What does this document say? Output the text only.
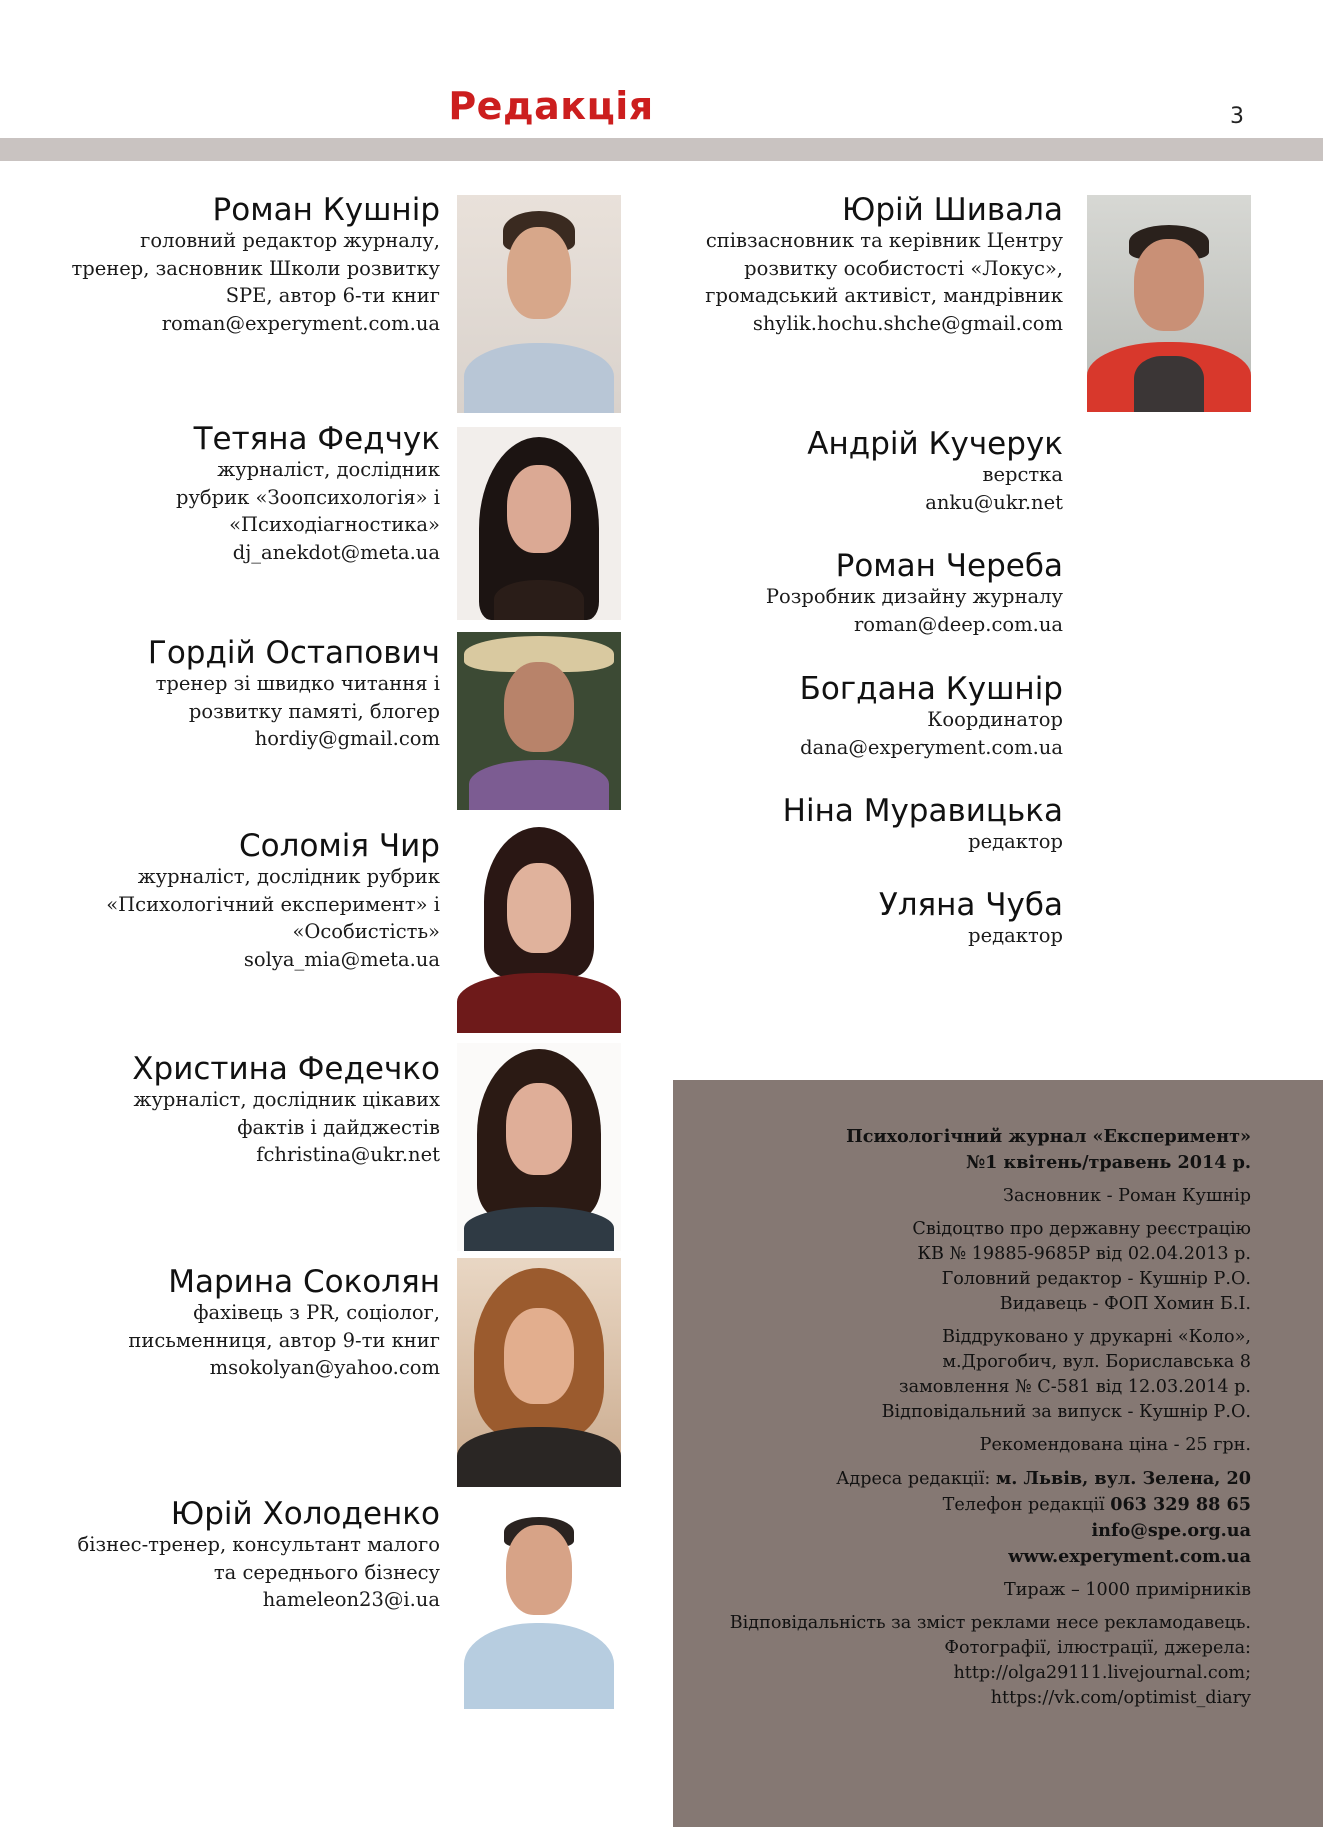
Редакція	3
Роман Кушнір
головний редактор журналу,
тренер, засновник Школи розвитку
SPE, автор 6-ти книг
roman@experyment.com.ua
Тетяна Федчук
журналіст, дослідник
рубрик «Зоопсихологія» і
«Психодіагностика»
dj_anekdot@meta.ua
Гордій Остапович
тренер зі швидко читання і
розвитку памяті, блогер
hordiy@gmail.com
Соломія Чир
журналіст, дослідник рубрик
«Психологічний експеримент» і
«Особистість»
solya_mia@meta.ua
Христина Федечко
журналіст, дослідник цікавих
фактів і дайджестів
fchristina@ukr.net
Марина Соколян
фахівець з PR, соціолог,
письменниця, автор 9-ти книг
msokolyan@yahoo.com
Юрій Холоденко
бізнес-тренер, консультант малого
та середнього бізнесу
hameleon23@i.ua
Юрій Шивала
співзасновник та керівник Центру
розвитку особистості «Локус»,
громадський активіст, мандрівник
shylik.hochu.shche@gmail.com
Андрій Кучерук
верстка
anku@ukr.net
Роман Череба
Розробник дизайну журналу
roman@deep.com.ua
Богдана Кушнір
Координатор
dana@experyment.com.ua
Ніна Муравицька
редактор
Уляна Чуба
редактор
Психологічний журнал «Експеримент»
№1 квітень/травень 2014 р.
Засновник - Роман Кушнір
Свідоцтво про державну реєстрацію
КВ № 19885-9685Р від 02.04.2013 р.
Головний редактор - Кушнір Р.О.
Видавець - ФОП Хомин Б.І.
Віддруковано у друкарні «Коло»,
м.Дрогобич, вул. Бориславська 8
замовлення № С-581 від 12.03.2014 р.
Відповідальний за випуск - Кушнір Р.О.
Рекомендована ціна - 25 грн.
Адреса редакції: м. Львів, вул. Зелена, 20
Телефон редакції 063 329 88 65
info@spe.org.ua
www.experyment.com.ua
Тираж – 1000 примірників
Відповідальність за зміст реклами несе рекламодавець.
Фотографії, ілюстрації, джерела:
http://olga29111.livejournal.com;
https://vk.com/optimist_diary
